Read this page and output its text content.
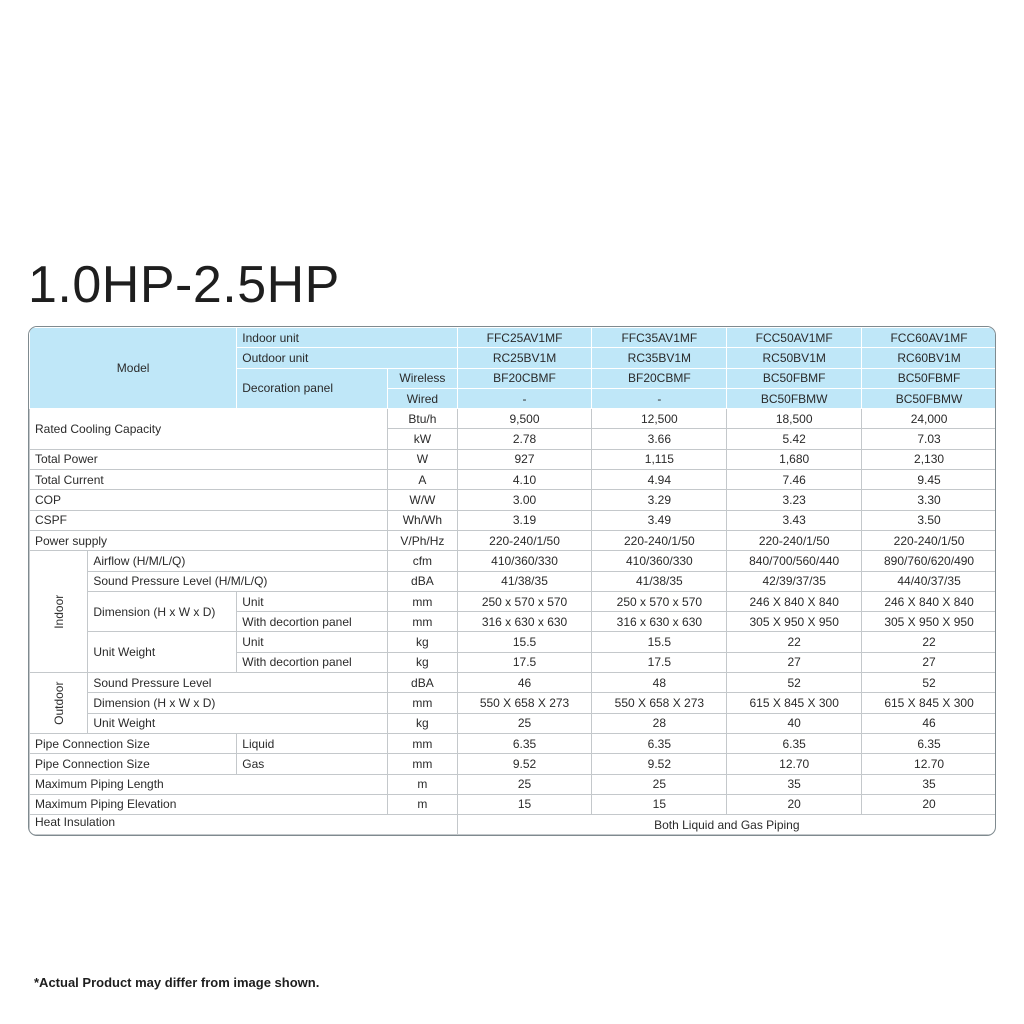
1.0HP-2.5HP
Model		Indoor unit		FFC25AV1MF	FFC35AV1MF	FCC50AV1MF	FCC60AV1MF
		Outdoor unit		RC25BV1M	RC35BV1M	RC50BV1M	RC60BV1M
		Decoration panel	Wireless	BF20CBMF	BF20CBMF	BC50FBMF	BC50FBMF
			Wired	-	-	BC50FBMW	BC50FBMW
Rated Cooling Capacity			Btu/h	9,500	12,500	18,500	24,000
			kW	2.78	3.66	5.42	7.03
Total Power			W	927	1,115	1,680	2,130
Total Current			A	4.10	4.94	7.46	9.45
COP			W/W	3.00	3.29	3.23	3.30
CSPF			Wh/Wh	3.19	3.49	3.43	3.50
Power supply			V/Ph/Hz	220-240/1/50	220-240/1/50	220-240/1/50	220-240/1/50
Indoor	Airflow (H/M/L/Q)		cfm	410/360/330	410/360/330	840/700/560/440	890/760/620/490
	Sound Pressure Level (H/M/L/Q)		dBA	41/38/35	41/38/35	42/39/37/35	44/40/37/35
	Dimension (H x W x D)	Unit	mm	250 x 570 x 570	250 x 570 x 570	246 X 840 X 840	246 X 840 X 840
		With decortion panel	mm	316 x 630 x 630	316 x 630 x 630	305 X 950 X 950	305 X 950 X 950
	Unit Weight	Unit	kg	15.5	15.5	22	22
		With decortion panel	kg	17.5	17.5	27	27
Outdoor	Sound Pressure Level		dBA	46	48	52	52
	Dimension (H x W x D)		mm	550 X 658 X 273	550 X 658 X 273	615 X 845 X 300	615 X 845 X 300
	Unit Weight		kg	25	28	40	46
Pipe Connection Size		Liquid	mm	6.35	6.35	6.35	6.35
Pipe Connection Size		Gas	mm	9.52	9.52	12.70	12.70
Maximum Piping Length			m	25	25	35	35
Maximum Piping Elevation			m	15	15	20	20
Heat Insulation				Both Liquid and Gas Piping			
*Actual Product may differ from image shown.
